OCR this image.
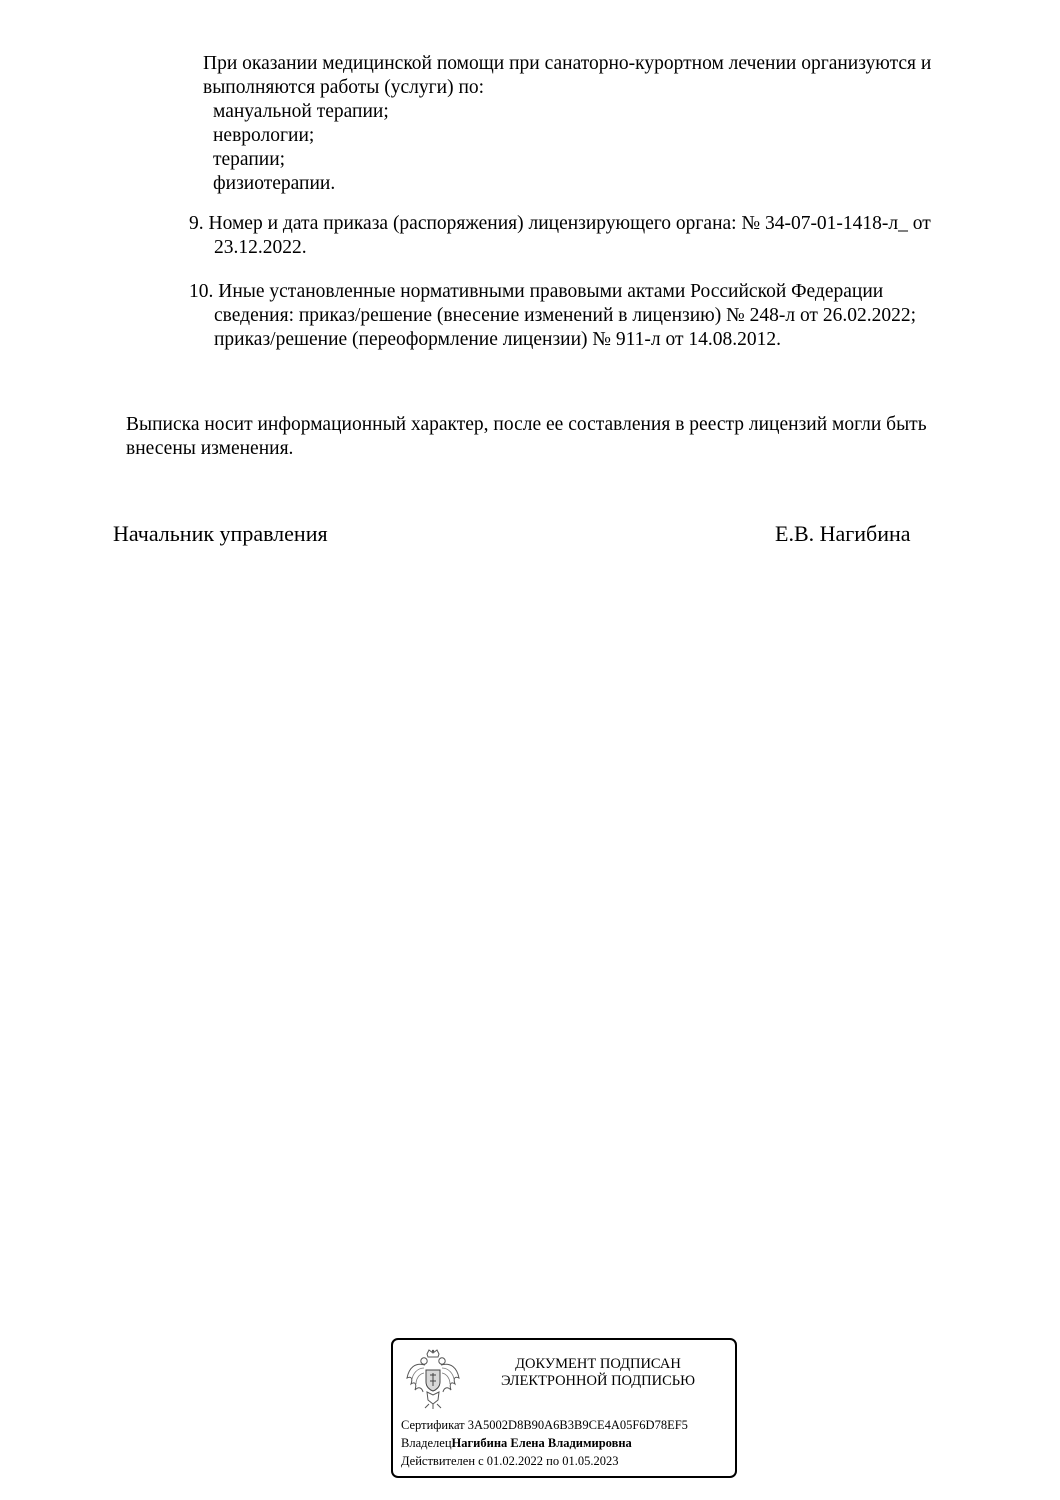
При оказании медицинской помощи при санаторно-курортном лечении организуются и
выполняются работы (услуги) по:
мануальной терапии;
неврологии;
терапии;
физиотерапии.
9. Номер и дата приказа (распоряжения) лицензирующего органа: № 34-07-01-1418-л_ от
23.12.2022.
10. Иные установленные нормативными правовыми актами Российской Федерации
сведения: приказ/решение (внесение изменений в лицензию) № 248-л от 26.02.2022;
приказ/решение (переоформление лицензии) № 911-л от 14.08.2012.
Выписка носит информационный характер, после ее составления в реестр лицензий могли быть
внесены изменения.
Начальник управления	Е.В. Нагибина
ДОКУМЕНТ ПОДПИСАН
ЭЛЕКТРОННОЙ ПОДПИСЬЮ
Сертификат 3A5002D8B90A6B3B9CE4A05F6D78EF5
ВладелецНагибина Елена Владимировна
Действителен с 01.02.2022 по 01.05.2023
